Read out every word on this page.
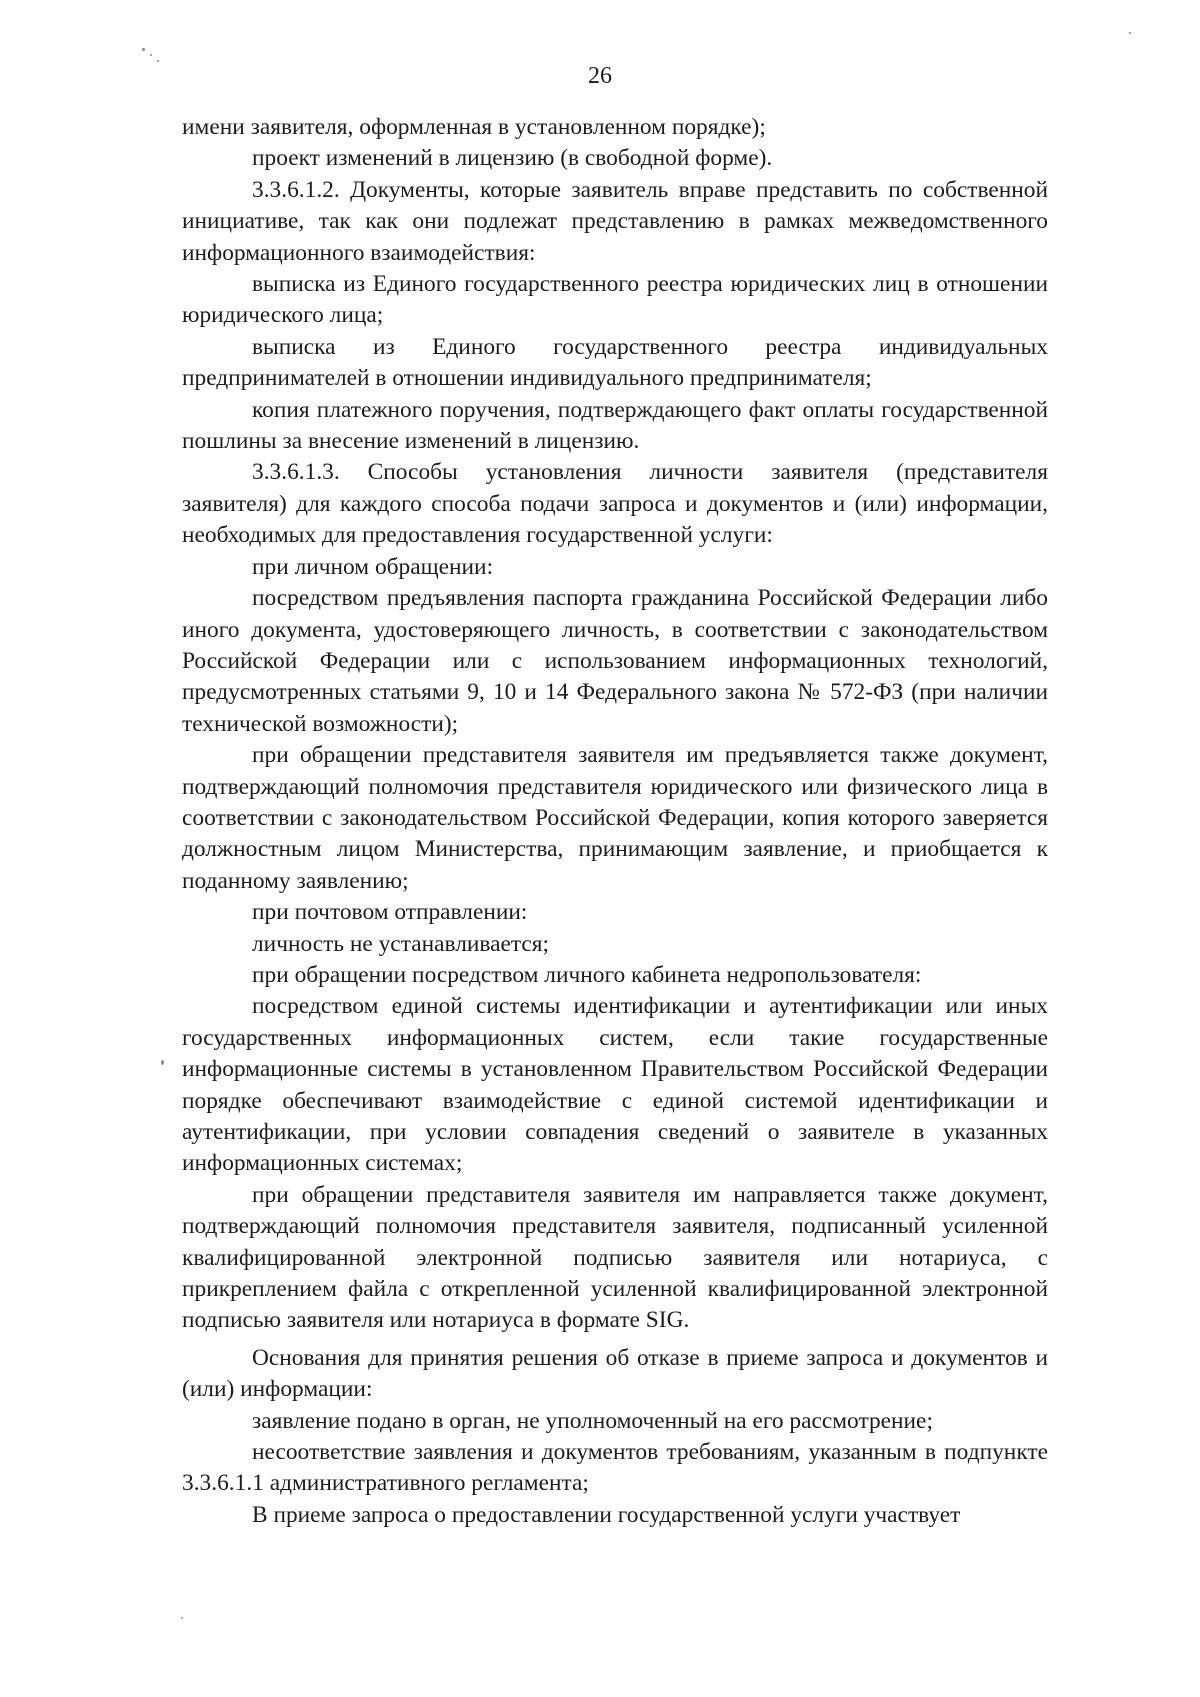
26

имени заявителя, оформленная в установленном порядке);

проект изменений в лицензию (в свободной форме).

3.3.6.1.2. Документы, которые заявитель вправе представить по собственной инициативе, так как они подлежат представлению в рамках межведомственного информационного взаимодействия:

выписка из Единого государственного реестра юридических лиц в отношении юридического лица;

выписка из Единого государственного реестра индивидуальных предпринимателей в отношении индивидуального предпринимателя;

копия платежного поручения, подтверждающего факт оплаты государственной пошлины за внесение изменений в лицензию.

3.3.6.1.3. Способы установления личности заявителя (представителя заявителя) для каждого способа подачи запроса и документов и (или) информации, необходимых для предоставления государственной услуги:

при личном обращении:

посредством предъявления паспорта гражданина Российской Федерации либо иного документа, удостоверяющего личность, в соответствии с законодательством Российской Федерации или с использованием информационных технологий, предусмотренных статьями 9, 10 и 14 Федерального закона № 572-ФЗ (при наличии технической возможности);

при обращении представителя заявителя им предъявляется также документ, подтверждающий полномочия представителя юридического или физического лица в соответствии с законодательством Российской Федерации, копия которого заверяется должностным лицом Министерства, принимающим заявление, и приобщается к поданному заявлению;

при почтовом отправлении:

личность не устанавливается;

при обращении посредством личного кабинета недропользователя:

посредством единой системы идентификации и аутентификации или иных государственных информационных систем, если такие государственные информационные системы в установленном Правительством Российской Федерации порядке обеспечивают взаимодействие с единой системой идентификации и аутентификации, при условии совпадения сведений о заявителе в указанных информационных системах;

при обращении представителя заявителя им направляется также документ, подтверждающий полномочия представителя заявителя, подписанный усиленной квалифицированной электронной подписью заявителя или нотариуса, с прикреплением файла с открепленной усиленной квалифицированной электронной подписью заявителя или нотариуса в формате SIG.

Основания для принятия решения об отказе в приеме запроса и документов и (или) информации:

заявление подано в орган, не уполномоченный на его рассмотрение;

несоответствие заявления и документов требованиям, указанным в подпункте 3.3.6.1.1 административного регламента;

В приеме запроса о предоставлении государственной услуги участвует
